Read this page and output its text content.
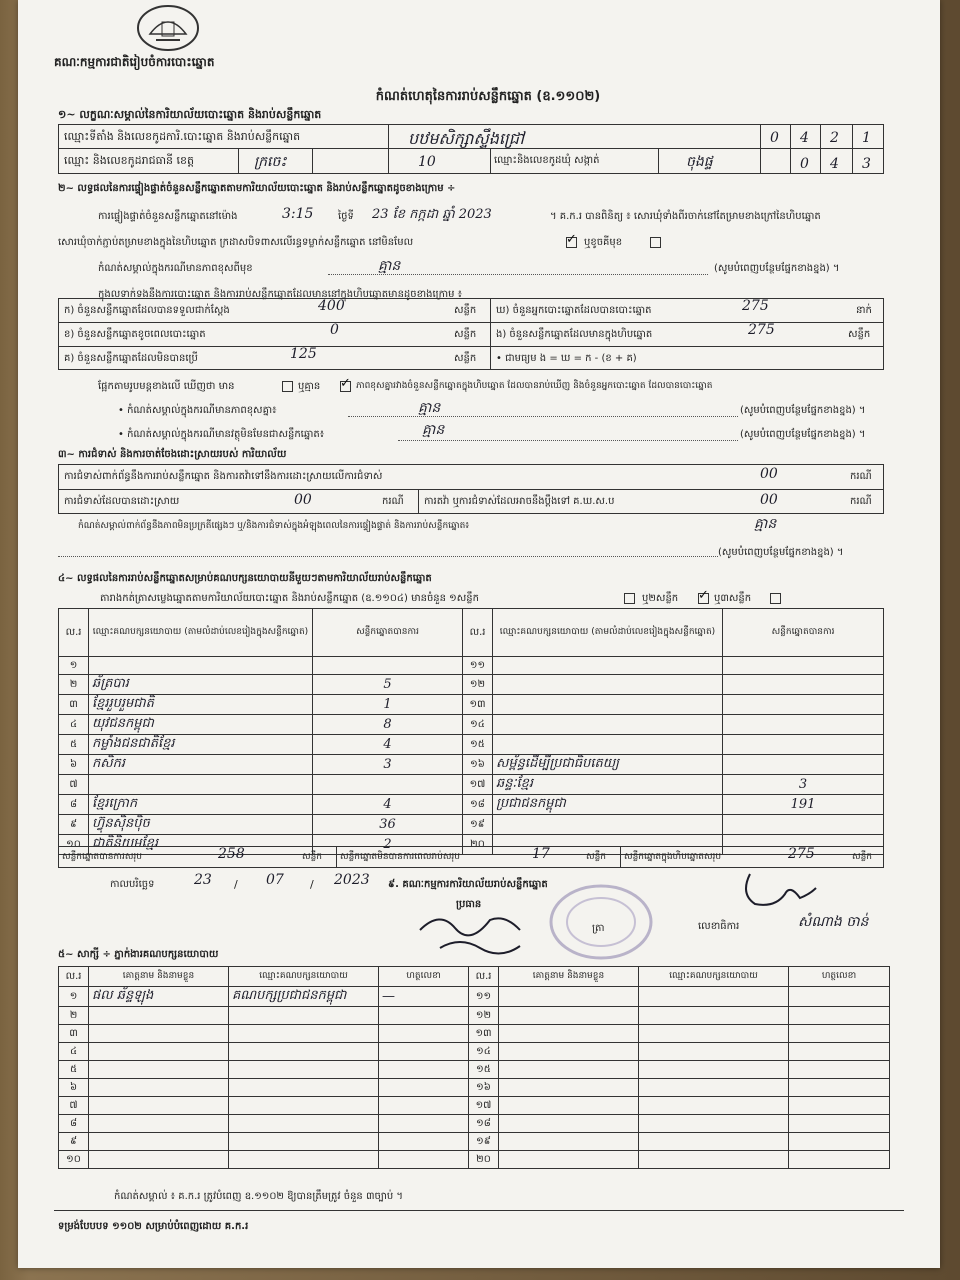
គណៈកម្មការជាតិរៀបចំការបោះឆ្នោត
កំណត់ហេតុនៃការរាប់សន្លឹកឆ្នោត (ឧ.១១០២)
១~ លក្ខណៈសម្គាល់នៃការិយាល័យបោះឆ្នោត និងរាប់សន្លឹកឆ្នោត
ឈ្មោះទីតាំង និងលេខកូដការិ.បោះឆ្នោត និងរាប់សន្លឹកឆ្នោត	បឋមសិក្សាស្ទឹងជ្រៅ	0 4 2 1
ឈ្មោះ និងលេខកូដរាជធានី ខេត្ត	ក្រចេះ	10	ឈ្មោះនិងលេខកូដឃុំ សង្កាត់	ចុងផ្ទ	0 4 3
២~ លទ្ធផលនៃការផ្ទៀងផ្ទាត់ចំនួនសន្លឹកឆ្នោតតាមការិយាល័យបោះឆ្នោត និងរាប់សន្លឹកឆ្នោតដូចខាងក្រោម ÷
ការផ្ទៀងផ្ទាត់ចំនួនសន្លឹកឆ្នោតនៅម៉ោង	3:15 ថ្ងៃទី 23 ខែ កក្កដា ឆ្នាំ 2023	។ គ.ក.រ បានពិនិត្យ ៖ សោរឃុំទាំងពីរចាក់នៅតែម្រាមខាងក្រៅនៃហិបឆ្នោត
សោរឃុំចាក់ភ្ជាប់តម្រាមខាងក្នុងនៃហិបឆ្នោត ក្រដាសបិទពាសលើរន្ធទម្លាក់សន្លឹកឆ្នោត នៅមិនមែល	✓ ឬខូចគីមុខ
កំណត់សម្គាល់ក្នុងករណីមានភាពខុសពីមុខ	គ្មាន	(សូមបំពេញបន្ថែមផ្នែកខាងខ្នង) ។
ក្នុងលទាក់ទងនឹងការបោះឆ្នោត និងការរាប់សន្លឹកឆ្នោតដែលមាននៅក្នុងហិបឆ្នោតមានដូចខាងក្រោម ៖
ក) ចំនួនសន្លឹកឆ្នោតដែលបានទទួលជាក់ស្តែង	400	សន្លឹក
ខ) ចំនួនសន្លឹកឆ្នោតខូចពេលបោះឆ្នោត	0	សន្លឹក
គ) ចំនួនសន្លឹកឆ្នោតដែលមិនបានប្រើ	125	សន្លឹក
ឃ) ចំនួនអ្នកបោះឆ្នោតដែលបានបោះឆ្នោត	275	នាក់
ង) ចំនួនសន្លឹកឆ្នោតដែលមានក្នុងហិបឆ្នោត	275	សន្លឹក
• ជាមធ្យម ង = ឃ = ក - (ខ + គ)
ផ្អែកតាមរូបមន្តខាងលើ ឃើញថា មាន	ឬគ្មាន ✓ ភាពខុសគ្នារវាងចំនួនសន្លឹកឆ្នោតក្នុងហិបឆ្នោត ដែលបានរាប់ឃើញ និងចំនួនអ្នកបោះឆ្នោត ដែលបានបោះឆ្នោត
• កំណត់សម្គាល់ក្នុងករណីមានភាពខុសគ្នា៖	គ្មាន	(សូមបំពេញបន្ថែមផ្នែកខាងខ្នង) ។
• កំណត់សម្គាល់ក្នុងករណីមានវត្ថុមិនមែនជាសន្លឹកឆ្នោត៖	គ្មាន	(សូមបំពេញបន្ថែមផ្នែកខាងខ្នង) ។
៣~ ការជំទាស់ និងការចាត់ចែងដោះស្រាយរបស់ ការិយាល័យ
ការជំទាស់ពាក់ព័ន្ធនឹងការរាប់សន្លឹកឆ្នោត និងការតវ៉ាទៅនឹងការដោះស្រាយលើការជំទាស់	00	ករណី
ការជំទាស់ដែលបានដោះស្រាយ	00	ករណី ការតវ៉ា ឬការជំទាស់ដែលអាចនឹងប្តឹងទៅ គ.ឃ.ស.ប	00	ករណី
កំណត់សម្គាល់ពាក់ព័ន្ធនឹងភាពមិនប្រក្រតីផ្សេងៗ ឬ/និងការជំទាស់ក្នុងអំឡុងពេលនៃការផ្ទៀងផ្ទាត់ និងការរាប់សន្លឹកឆ្នោត៖	គ្មាន
(សូមបំពេញបន្ថែមផ្នែកខាងខ្នង) ។
៤~ លទ្ធផលនៃការរាប់សន្លឹកឆ្នោតសម្រាប់គណបក្សនយោបាយនីមួយៗតាមការិយាល័យរាប់សន្លឹកឆ្នោត
តារាងកត់ត្រាសម្លេងឆ្នោតតាមការិយាល័យបោះឆ្នោត និងរាប់សន្លឹកឆ្នោត (ឧ.១១០៤) មានចំនួន ១សន្លឹក	ឬ២សន្លឹក ✓ ឬ៣សន្លឹក
ល.រ	ឈ្មោះគណបក្សនយោបាយ (តាមលំដាប់លេខរៀងក្នុងសន្លឹកឆ្នោត)	សន្លឹកឆ្នោតបានការ	ល.រ	ឈ្មោះគណបក្សនយោបាយ (តាមលំដាប់លេខរៀងក្នុងសន្លឹកឆ្នោត)	សន្លឹកឆ្នោតបានការ
១			១១		
២	ឆ័ត្របារ	5	១២		
៣	ខ្មែររួបរួមជាតិ	1	១៣		
៤	យុវជនកម្ពុជា	8	១៤		
៥	កម្លាំងជនជាតិខ្មែរ	4	១៥		
៦	កសិករ	3	១៦	សម្ព័ន្ធដើម្បីប្រជាធិបតេយ្យ	
៧			១៧	ឆន្ទៈខ្មែរ	3
៨	ខ្មែរក្រោក	4	១៨	ប្រជាជនកម្ពុជា	191
៩	ហ៊្វុនស៊ិនប៉ិច	36	១៩		
១០	ជាតិនិយមខ្មែរ	2	២០		
សន្លឹកឆ្នោតបានការសរុប	258	សន្លឹក សន្លឹកឆ្នោតមិនបានការពេលរាប់សរុប	17	សន្លឹក សន្លឹកឆ្នោតក្នុងហិបឆ្នោតសរុប	275	សន្លឹក
កាលបរិច្ឆេទ	23 / 07 / 2023 ៩. គណៈកម្មការការិយាល័យរាប់សន្លឹកឆ្នោត
ប្រធាន
ត្រា	លេខាធិការ	សំណាង ចាន់
៥~ សាក្សី ÷ ភ្នាក់ងារគណបក្សនយោបាយ
ល.រ	គោត្តនាម និងនាមខ្លួន	ឈ្មោះគណបក្សនយោបាយ	ហត្ថលេខា	ល.រ	គោត្តនាម និងនាមខ្លួន	ឈ្មោះគណបក្សនយោបាយ	ហត្ថលេខា
១	ផល ឆ័ន្ទឡុង	គណបក្សប្រជាជនកម្ពុជា	—	១១			
២				១២			
៣				១៣			
៤				១៤			
៥				១៥			
៦				១៦			
៧				១៧			
៨				១៨			
៩				១៩			
១០				២០			
កំណត់សម្គាល់ ៖ គ.ក.រ ត្រូវបំពេញ ឧ.១១០២ ឱ្យបានត្រឹមត្រូវ ចំនួន ៣ច្បាប់ ។
ទម្រង់បែបបទ ១១០២ សម្រាប់បំពេញដោយ គ.ក.រ
